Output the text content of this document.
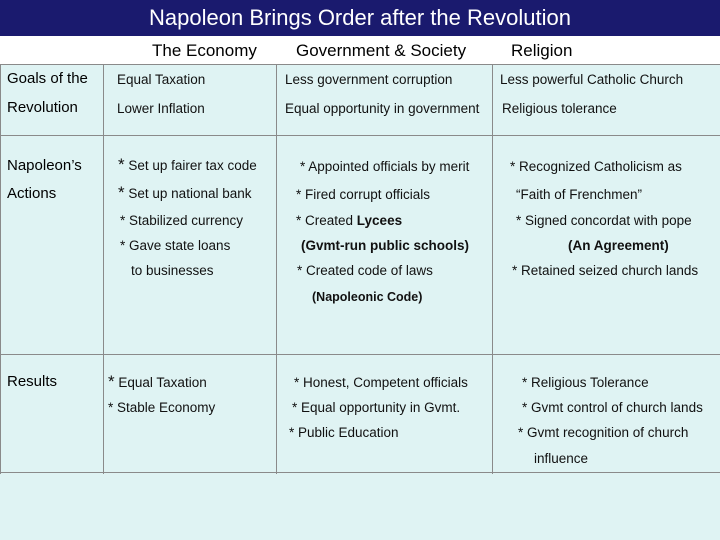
Napoleon Brings Order after the Revolution
The Economy Government & Society	Religion
Goals of the
Revolution
Equal Taxation
Lower Inflation
Less government corruption
Equal opportunity in government
Less powerful Catholic Church
Religious tolerance
Napoleon’s
Actions
* Set up fairer tax code
* Set up national bank
* Stabilized currency
* Gave state loans
to businesses
* Appointed officials by merit
* Fired corrupt officials
* Created Lycees
(Gvmt-run public schools)
* Created code of laws
(Napoleonic Code)
* Recognized Catholicism as
“Faith of Frenchmen”
* Signed concordat with pope
(An Agreement)
* Retained seized church lands
Results	* Equal Taxation
* Stable Economy
* Honest, Competent officials
* Equal opportunity in Gvmt.
* Public Education
* Religious Tolerance
* Gvmt control of church lands
* Gvmt recognition of church
influence
